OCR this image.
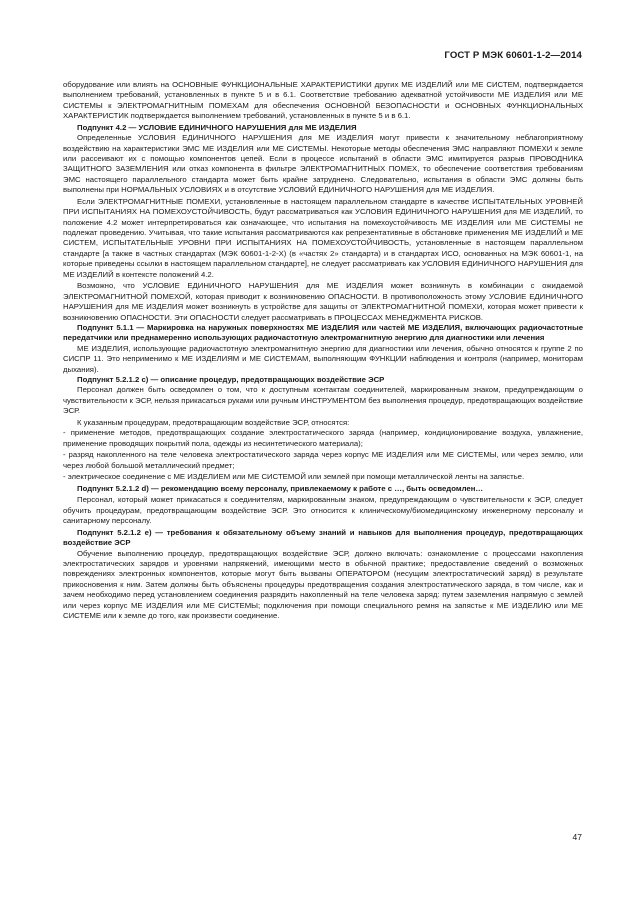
ГОСТ Р МЭК 60601-1-2—2014

оборудование или влиять на ОСНОВНЫЕ ФУНКЦИОНАЛЬНЫЕ ХАРАКТЕРИСТИКИ других МЕ ИЗДЕЛИЙ или МЕ СИСТЕМ, подтверждается выполнением требований, установленных в пункте 5 и в 6.1. Соответствие требованию адекватной устойчивости МЕ ИЗДЕЛИЯ или МЕ СИСТЕМЫ к ЭЛЕКТРОМАГНИТНЫМ ПОМЕХАМ для обеспечения ОСНОВНОЙ БЕЗОПАСНОСТИ и ОСНОВНЫХ ФУНКЦИОНАЛЬНЫХ ХАРАКТЕРИСТИК подтверждается выполнением требований, установленных в пункте 5 и в 6.1.

Подпункт 4.2 — УСЛОВИЕ ЕДИНИЧНОГО НАРУШЕНИЯ для МЕ ИЗДЕЛИЯ

Определенные УСЛОВИЯ ЕДИНИЧНОГО НАРУШЕНИЯ для МЕ ИЗДЕЛИЯ могут привести к значительному неблагоприятному воздействию на характеристики ЭМС МЕ ИЗДЕЛИЯ или МЕ СИСТЕМЫ. Некоторые методы обеспечения ЭМС направляют ПОМЕХИ к земле или рассеивают их с помощью компонентов цепей. Если в процессе испытаний в области ЭМС имитируется разрыв ПРОВОДНИКА ЗАЩИТНОГО ЗАЗЕМЛЕНИЯ или отказ компонента в фильтре ЭЛЕКТРОМАГНИТНЫХ ПОМЕХ, то обеспечение соответствия требованиям ЭМС настоящего параллельного стандарта может быть крайне затруднено. Следовательно, испытания в области ЭМС должны быть выполнены при НОРМАЛЬНЫХ УСЛОВИЯХ и в отсутствие УСЛОВИЙ ЕДИНИЧНОГО НАРУШЕНИЯ для МЕ ИЗДЕЛИЯ.

Если ЭЛЕКТРОМАГНИТНЫЕ ПОМЕХИ, установленные в настоящем параллельном стандарте в качестве ИСПЫТАТЕЛЬНЫХ УРОВНЕЙ ПРИ ИСПЫТАНИЯХ НА ПОМЕХОУСТОЙЧИВОСТЬ, будут рассматриваться как УСЛОВИЯ ЕДИНИЧНОГО НАРУШЕНИЯ для МЕ ИЗДЕЛИЙ, то положение 4.2 может интерпретироваться как означающее, что испытания на помехоустойчивость МЕ ИЗДЕЛИЯ или МЕ СИСТЕМЫ не подлежат проведению. Учитывая, что такие испытания рассматриваются как репрезентативные в обстановке применения МЕ ИЗДЕЛИЙ и МЕ СИСТЕМ, ИСПЫТАТЕЛЬНЫЕ УРОВНИ ПРИ ИСПЫТАНИЯХ НА ПОМЕХОУСТОЙЧИВОСТЬ, установленные в настоящем параллельном стандарте [а также в частных стандартах (МЭК 60601-1-2-Х) (в «частях 2» стандарта) и в стандартах ИСО, основанных на МЭК 60601-1, на которые приведены ссылки в настоящем параллельном стандарте], не следует рассматривать как УСЛОВИЯ ЕДИНИЧНОГО НАРУШЕНИЯ для МЕ ИЗДЕЛИЙ в контексте положений 4.2.

Возможно, что УСЛОВИЕ ЕДИНИЧНОГО НАРУШЕНИЯ для МЕ ИЗДЕЛИЯ может возникнуть в комбинации с ожидаемой ЭЛЕКТРОМАГНИТНОЙ ПОМЕХОЙ, которая приводит к возникновению ОПАСНОСТИ. В противоположность этому УСЛОВИЕ ЕДИНИЧНОГО НАРУШЕНИЯ для МЕ ИЗДЕЛИЯ может возникнуть в устройстве для защиты от ЭЛЕКТРОМАГНИТНОЙ ПОМЕХИ, которая может привести к возникновению ОПАСНОСТИ. Эти ОПАСНОСТИ следует рассматривать в ПРОЦЕССАХ МЕНЕДЖМЕНТА РИСКОВ.

Подпункт 5.1.1 — Маркировка на наружных поверхностях МЕ ИЗДЕЛИЯ или частей МЕ ИЗДЕЛИЯ, включающих радиочастотные передатчики или преднамеренно использующих радиочастотную электромагнитную энергию для диагностики или лечения

МЕ ИЗДЕЛИЯ, использующие радиочастотную электромагнитную энергию для диагностики или лечения, обычно относятся к группе 2 по СИСПР 11. Это неприменимо к МЕ ИЗДЕЛИЯМ и МЕ СИСТЕМАМ, выполняющим ФУНКЦИИ наблюдения и контроля (например, мониторам дыхания).

Подпункт 5.2.1.2 c) — описание процедур, предотвращающих воздействие ЭСР

Персонал должен быть осведомлен о том, что к доступным контактам соединителей, маркированным знаком, предупреждающим о чувствительности к ЭСР, нельзя прикасаться руками или ручным ИНСТРУМЕНТОМ без выполнения процедур, предотвращающих воздействие ЭСР.

К указанным процедурам, предотвращающим воздействие ЭСР, относятся:

- применение методов, предотвращающих создание электростатического заряда (например, кондиционирование воздуха, увлажнение, применение проводящих покрытий пола, одежды из несинтетического материала);

- разряд накопленного на теле человека электростатического заряда через корпус МЕ ИЗДЕЛИЯ или МЕ СИСТЕМЫ, или через землю, или через любой большой металлический предмет;

- электрическое соединение с МЕ ИЗДЕЛИЕМ или МЕ СИСТЕМОЙ или землей при помощи металлической ленты на запястье.

Подпункт 5.2.1.2 d) — рекомендацию всему персоналу, привлекаемому к работе с …, быть осведомлен…

Персонал, который может прикасаться к соединителям, маркированным знаком, предупреждающим о чувствительности к ЭСР, следует обучить процедурам, предотвращающим воздействие ЭСР. Это относится к клиническому/биомедицинскому инженерному персоналу и санитарному персоналу.

Подпункт 5.2.1.2 e) — требования к обязательному объему знаний и навыков для выполнения процедур, предотвращающих воздействие ЭСР

Обучение выполнению процедур, предотвращающих воздействие ЭСР, должно включать: ознакомление с процессами накопления электростатических зарядов и уровнями напряжений, имеющими место в обычной практике; предоставление сведений о возможных повреждениях электронных компонентов, которые могут быть вызваны ОПЕРАТОРОМ (несущим электростатический заряд) в результате прикосновения к ним. Затем должны быть объяснены процедуры предотвращения создания электростатического заряда, в том числе, как и зачем необходимо перед установлением соединения разрядить накопленный на теле человека заряд: путем заземления напрямую с землей или через корпус МЕ ИЗДЕЛИЯ или МЕ СИСТЕМЫ; подключения при помощи специального ремня на запястье к МЕ ИЗДЕЛИЮ или МЕ СИСТЕМЕ или к земле до того, как произвести соединение.

47
